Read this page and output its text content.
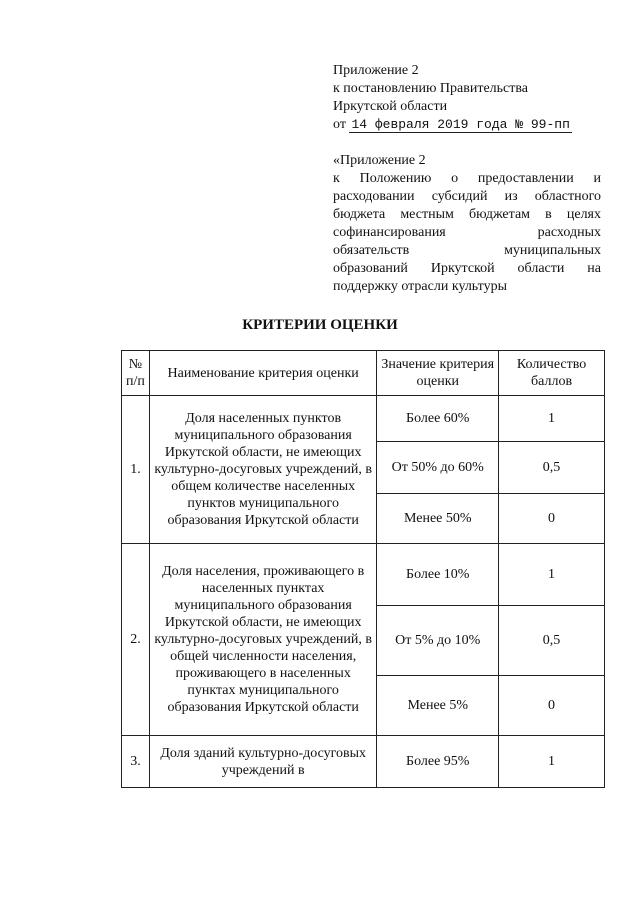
Приложение 2
к постановлению Правительства
Иркутской области
от 14 февраля 2019 года № 99-пп
«Приложение 2
к Положению о предоставлении и
расходовании субсидий из областного
бюджета местным бюджетам в целях
софинансирования расходных
обязательств муниципальных
образований Иркутской области на
поддержку отрасли культуры
КРИТЕРИИ ОЦЕНКИ
№ п/п	Наименование критерия оценки	Значение критерия оценки	Количество баллов
1.	Доля населенных пунктов муниципального образования Иркутской области, не имеющих культурно-досуговых учреждений, в общем количестве населенных пунктов муниципального образования Иркутской области	Более 60%	1
		От 50% до 60%	0,5
		Менее 50%	0
2.	Доля населения, проживающего в населенных пунктах муниципального образования Иркутской области, не имеющих культурно-досуговых учреждений, в общей численности населения, проживающего в населенных пунктах муниципального образования Иркутской области	Более 10%	1
		От 5% до 10%	0,5
		Менее 5%	0
3.	Доля зданий культурно-досуговых учреждений в	Более 95%	1
